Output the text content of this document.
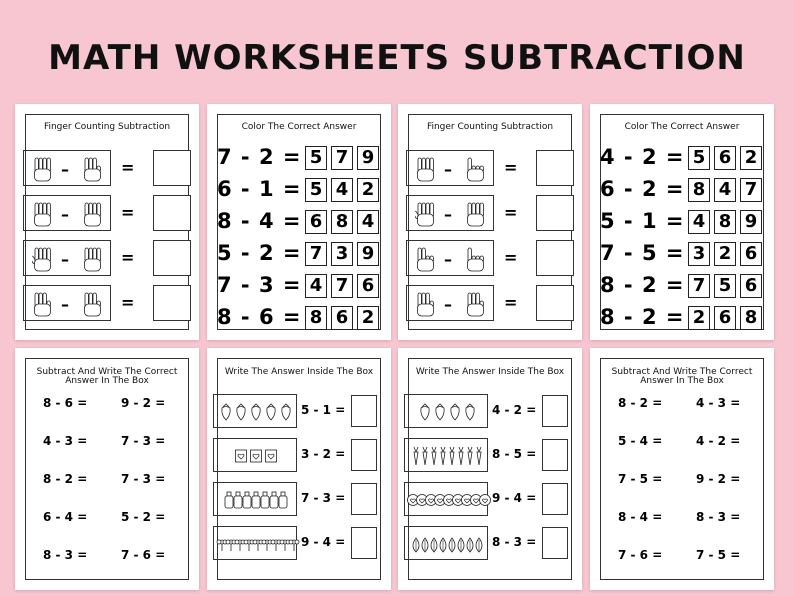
MATH WORKSHEETS SUBTRACTION
Finger Counting Subtraction
–	=
–	=
–	=
–	=
Color The Correct Answer
7 - 2 = 5 7 9
6 - 1 = 5 4 2
8 - 4 = 6 8 4
5 - 2 = 7 3 9
7 - 3 = 4 7 6
8 - 6 = 8 6 2
Finger Counting Subtraction
–	=
–	=
–	=
–	=
Color The Correct Answer
4 - 2 = 5 6 2
6 - 2 = 8 4 7
5 - 1 = 4 8 9
7 - 5 = 3 2 6
8 - 2 = 7 5 6
8 - 2 = 2 6 8
Subtract And Write The Correct
Answer In The Box
8 - 6 =
4 - 3 =
8 - 2 =
6 - 4 =
8 - 3 =
9 - 2 =
7 - 3 =
7 - 3 =
5 - 2 =
7 - 6 =
Write The Answer Inside The Box
5 - 1 =
3 - 2 =
7 - 3 =
9 - 4 =
Write The Answer Inside The Box
4 - 2 =
8 - 5 =
9 - 4 =
8 - 3 =
Subtract And Write The Correct
Answer In The Box
8 - 2 =
5 - 4 =
7 - 5 =
8 - 4 =
7 - 6 =
4 - 3 =
4 - 2 =
9 - 2 =
8 - 3 =
7 - 5 =
